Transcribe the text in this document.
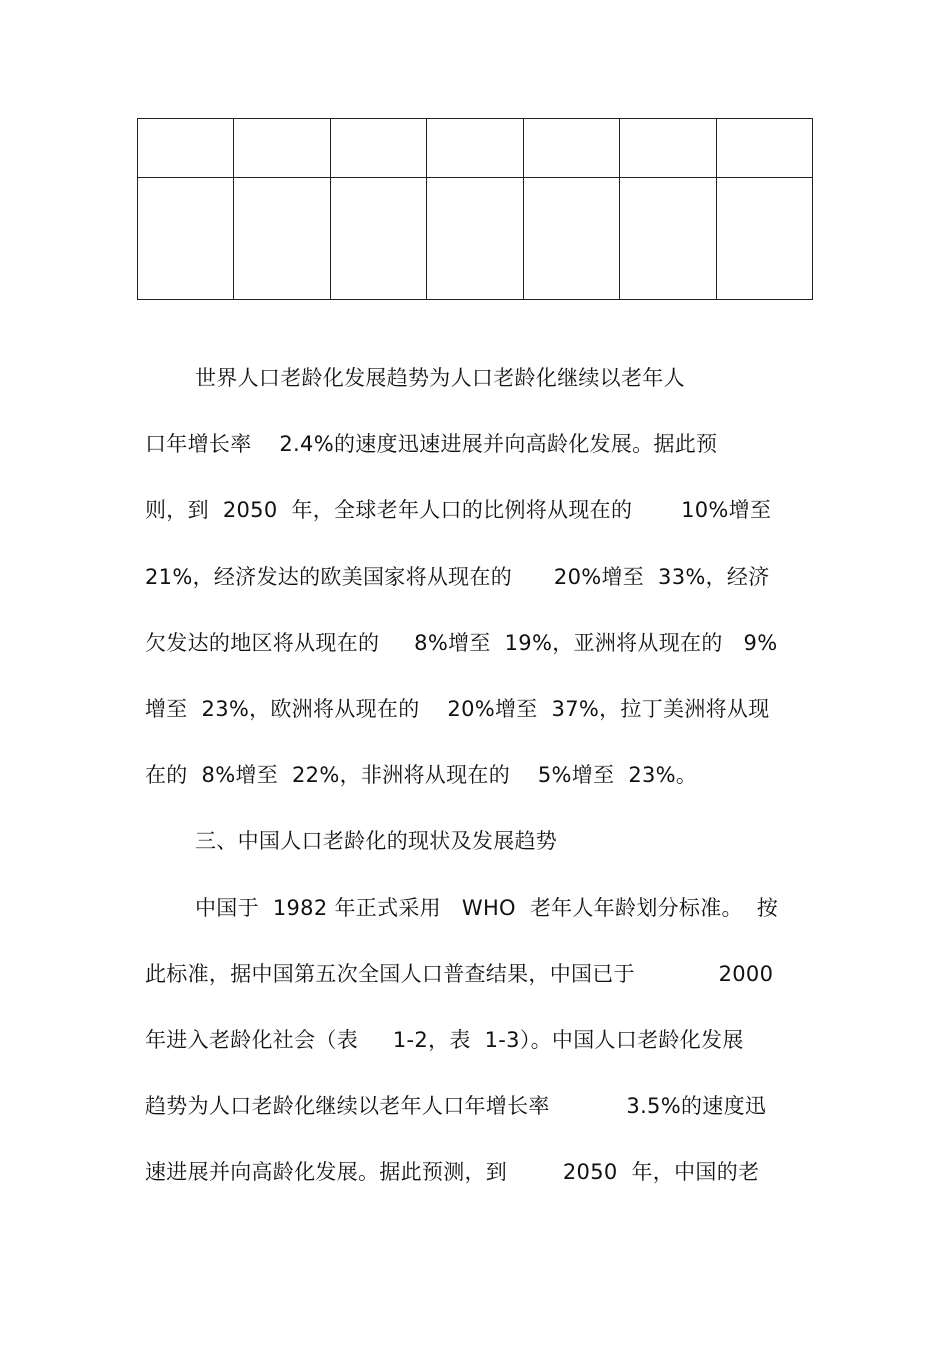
世界人口老龄化发展趋势为人口老龄化继续以老年人
口年增长率    2.4%的速度迅速进展并向高龄化发展。据此预
则，到  2050  年，全球老年人口的比例将从现在的       10%增至
21%，经济发达的欧美国家将从现在的      20%增至  33%，经济
欠发达的地区将从现在的     8%增至  19%，亚洲将从现在的   9%
增至  23%，欧洲将从现在的    20%增至  37%，拉丁美洲将从现
在的  8%增至  22%，非洲将从现在的    5%增至  23%。
三、中国人口老龄化的现状及发展趋势
中国于  1982 年正式采用   WHO  老年人年龄划分标准。  按
此标准，据中国第五次全国人口普查结果，中国已于            2000
年进入老龄化社会（表     1-2，表  1-3）。中国人口老龄化发展
趋势为人口老龄化继续以老年人口年增长率           3.5%的速度迅
速进展并向高龄化发展。据此预测，到        2050  年，中国的老
